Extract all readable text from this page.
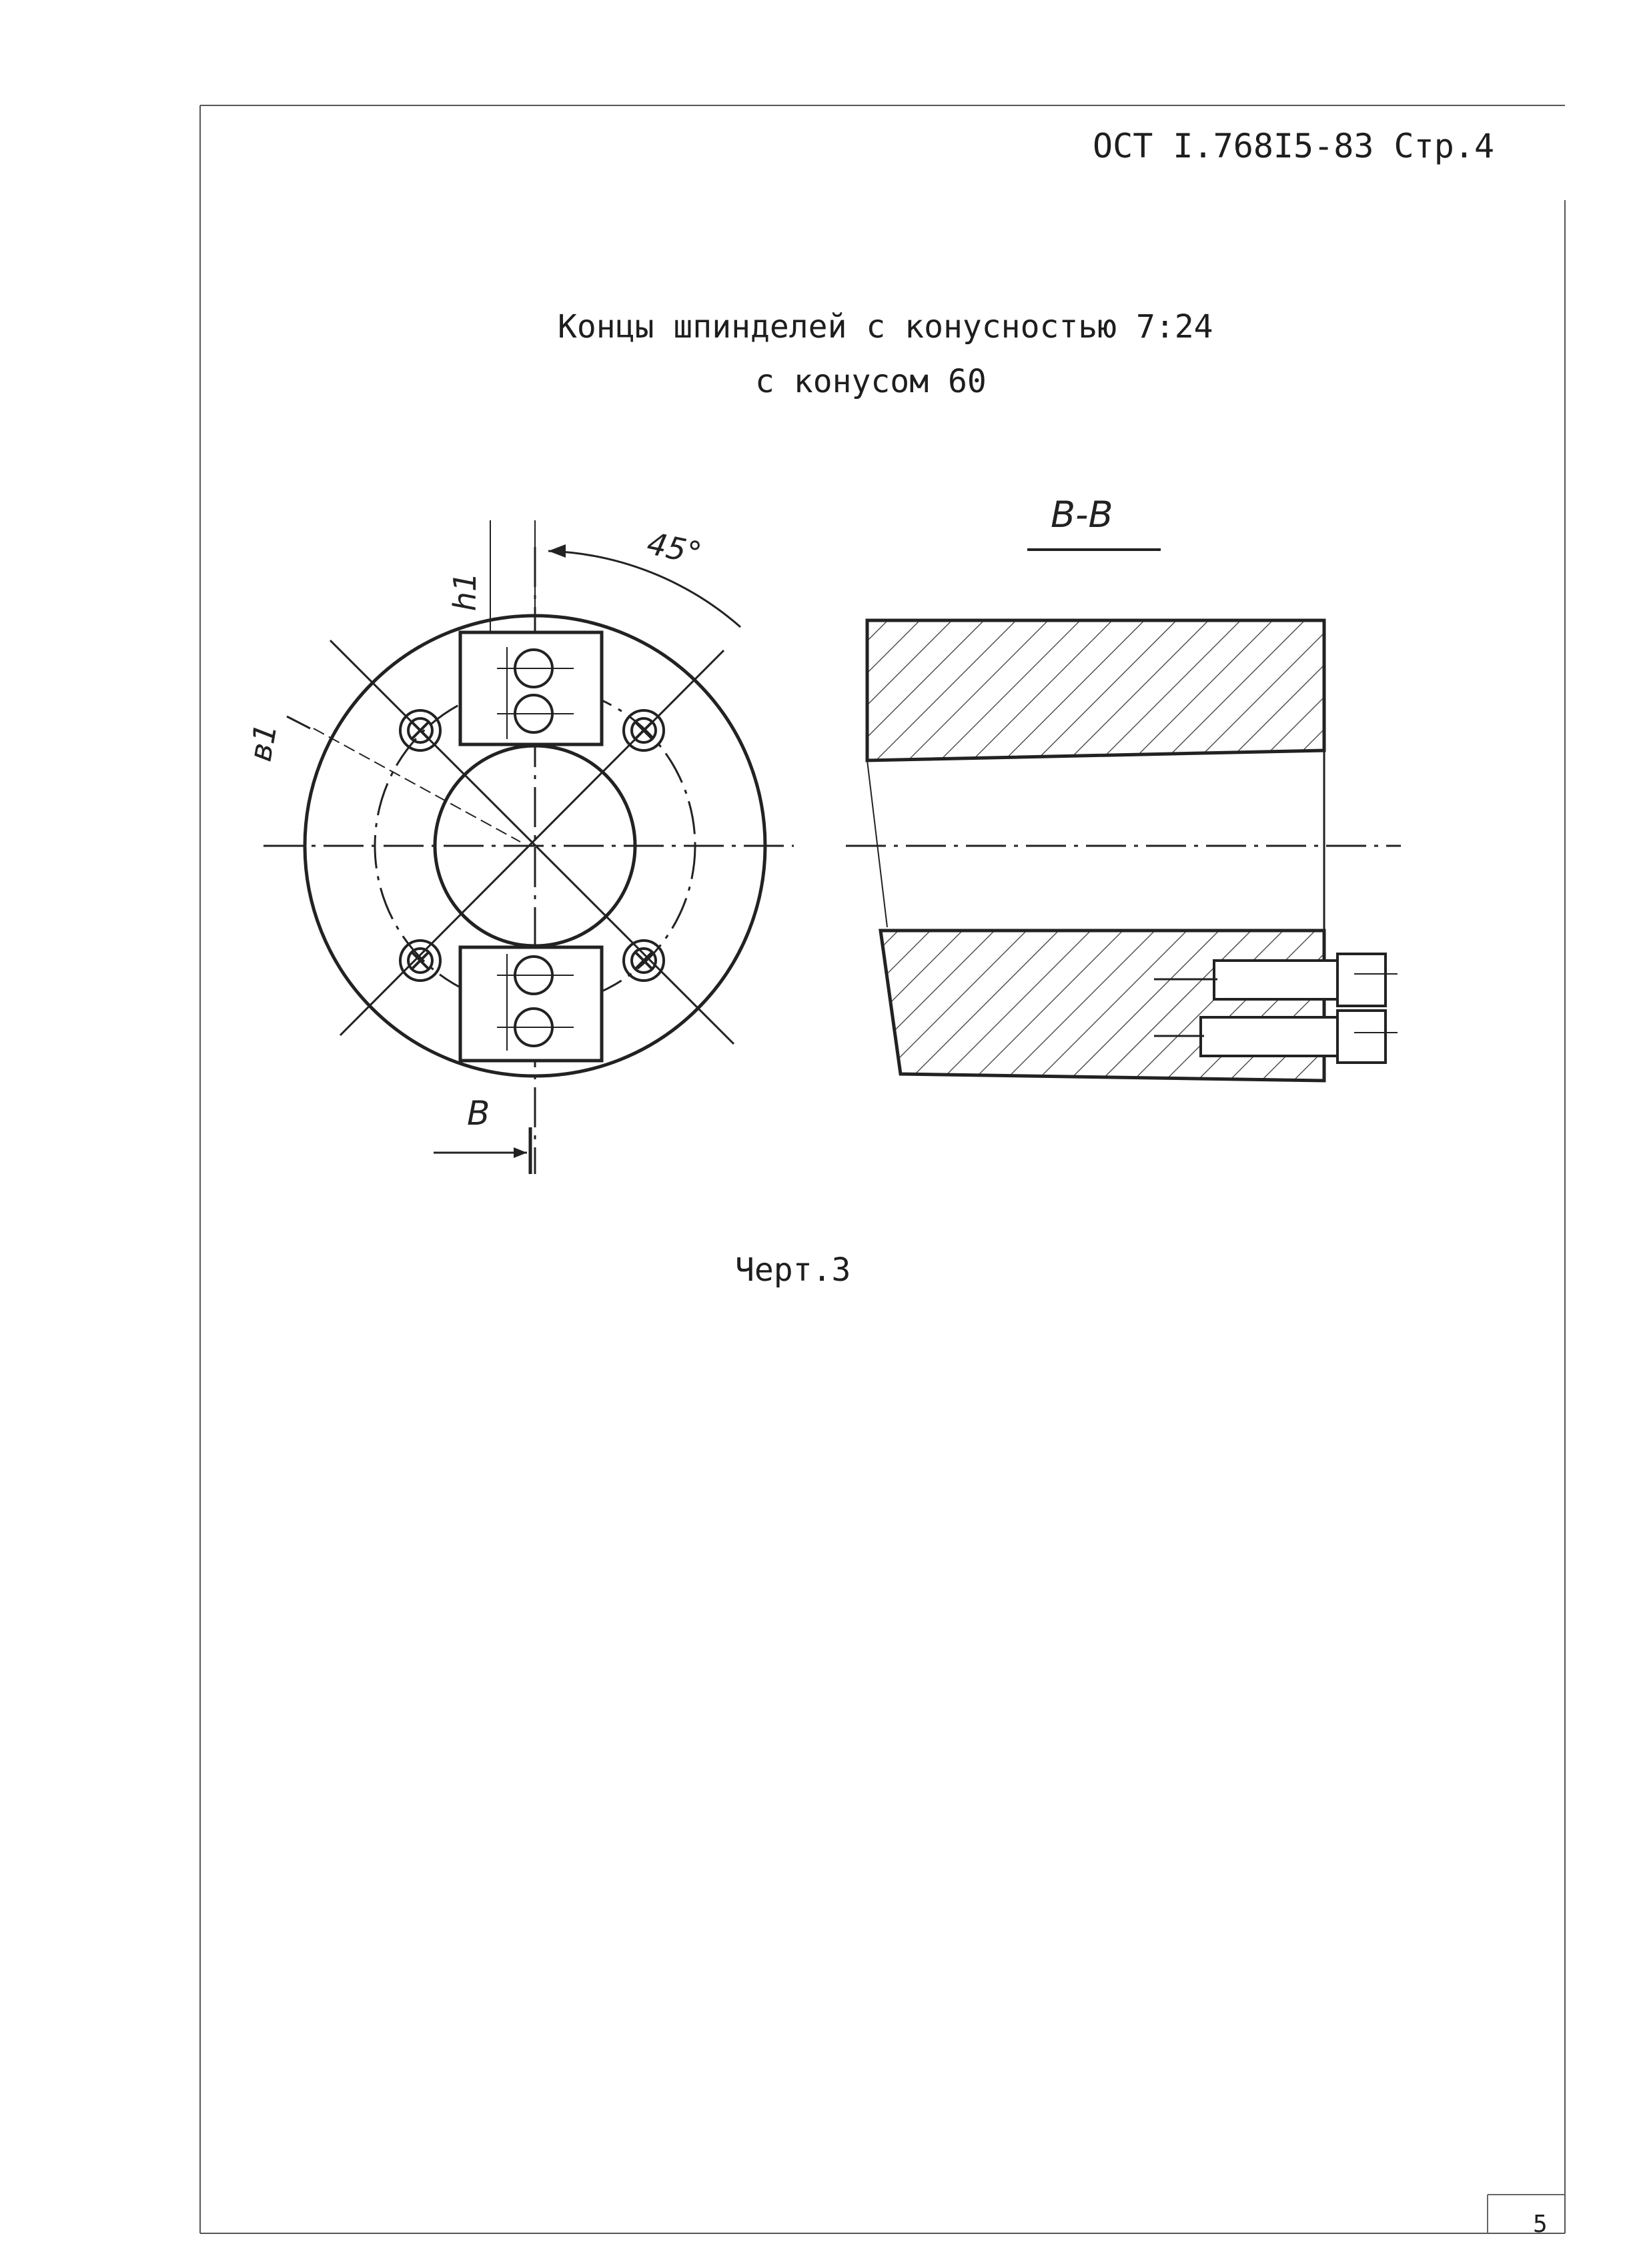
ОСТ I.768I5-83 Стр.4
Концы шпинделей с конусностью 7:24
с конусом 60
В-В
В
h1
в1
45°
Черт.3
5
